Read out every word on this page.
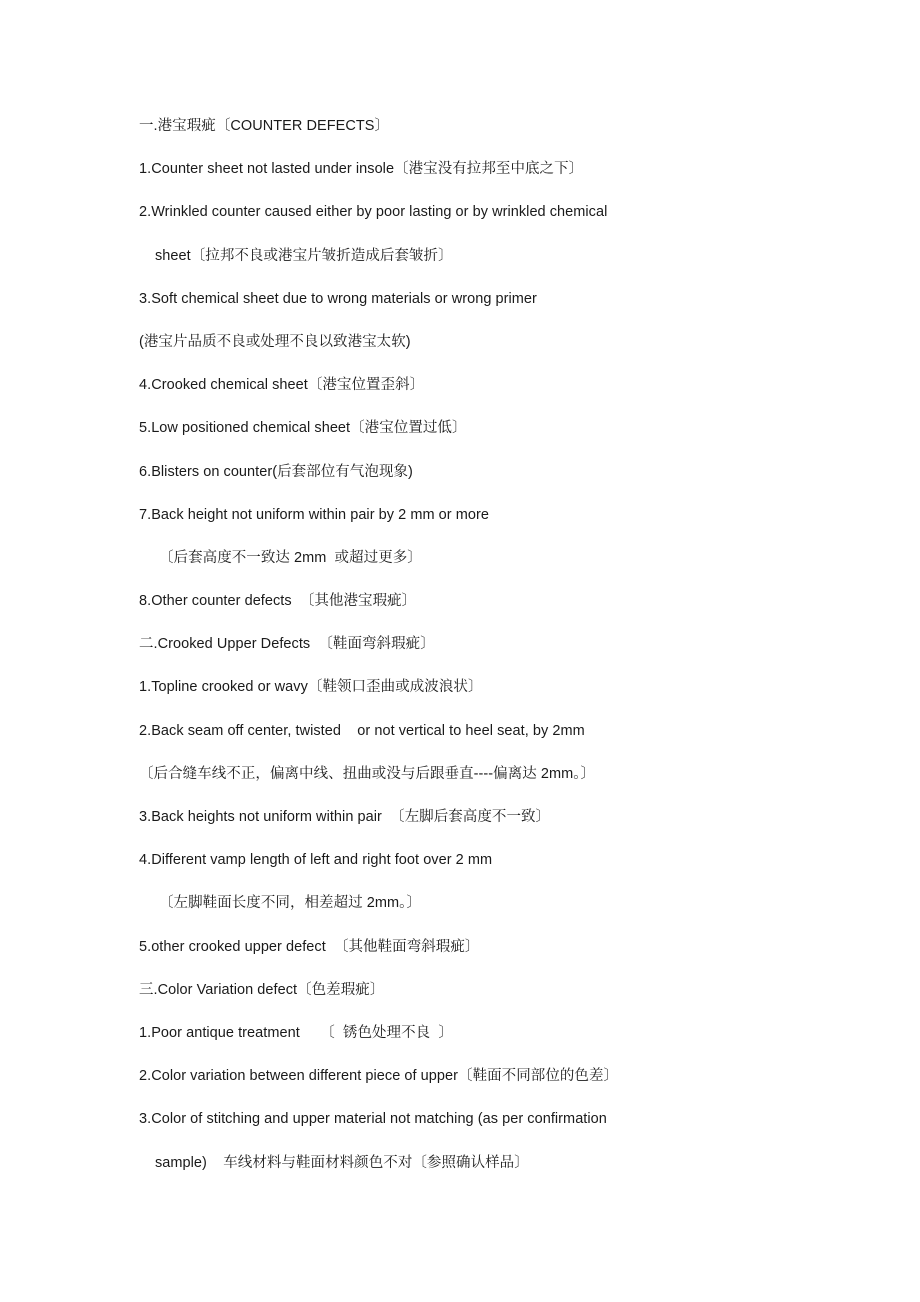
一.港宝瑕疵〔COUNTER DEFECTS〕
1.Counter sheet not lasted under insole〔港宝没有拉邦至中底之下〕
2.Wrinkled counter caused either by poor lasting or by wrinkled chemical
sheet〔拉邦不良或港宝片皱折造成后套皱折〕
3.Soft chemical sheet due to wrong materials or wrong primer
(港宝片品质不良或处理不良以致港宝太软)
4.Crooked chemical sheet〔港宝位置歪斜〕
5.Low positioned chemical sheet〔港宝位置过低〕
6.Blisters on counter(后套部位有气泡现象)
7.Back height not uniform within pair by 2 mm or more
〔后套高度不一致达 2mm  或超过更多〕
8.Other counter defects  〔其他港宝瑕疵〕
二.Crooked Upper Defects  〔鞋面弯斜瑕疵〕
1.Topline crooked or wavy〔鞋领口歪曲或成波浪状〕
2.Back seam off center, twisted    or not vertical to heel seat, by 2mm
〔后合缝车线不正，偏离中线、扭曲或没与后跟垂直----偏离达 2mm。〕
3.Back heights not uniform within pair  〔左脚后套高度不一致〕
4.Different vamp length of left and right foot over 2 mm
〔左脚鞋面长度不同，相差超过 2mm。〕
5.other crooked upper defect  〔其他鞋面弯斜瑕疵〕
三.Color Variation defect〔色差瑕疵〕
1.Poor antique treatment     〔  锈色处理不良  〕
2.Color variation between different piece of upper〔鞋面不同部位的色差〕
3.Color of stitching and upper material not matching (as per confirmation
sample)    车线材料与鞋面材料颜色不对〔参照确认样品〕
